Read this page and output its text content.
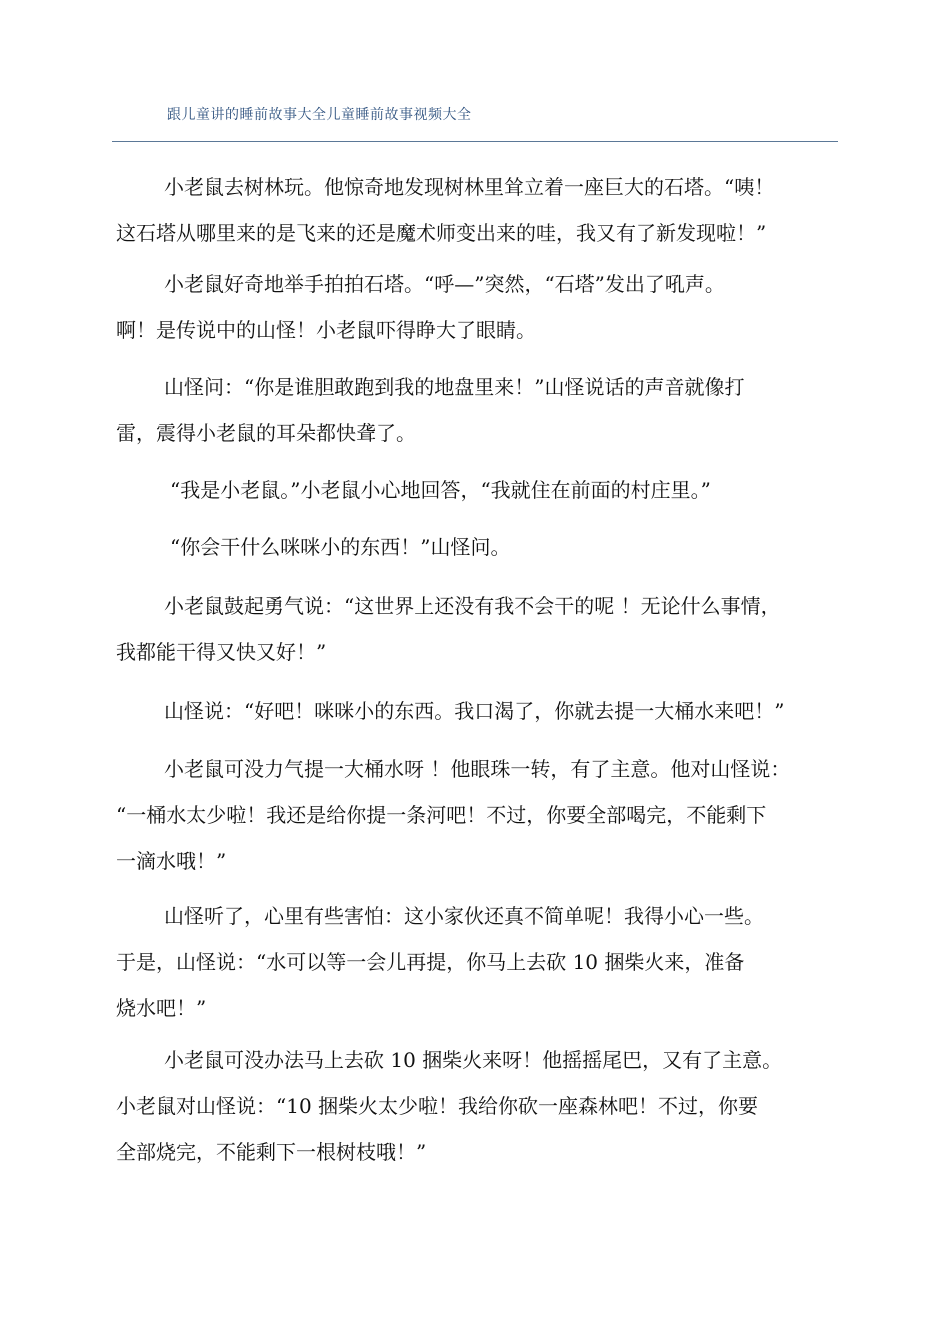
跟儿童讲的睡前故事大全儿童睡前故事视频大全
小老鼠去树林玩。他惊奇地发现树林里耸立着一座巨大的石塔。“咦！
这石塔从哪里来的是飞来的还是魔术师变出来的哇，我又有了新发现啦！”
小老鼠好奇地举手拍拍石塔。“呼—”突然，“石塔”发出了吼声。
啊！是传说中的山怪！小老鼠吓得睁大了眼睛。
山怪问：“你是谁胆敢跑到我的地盘里来！”山怪说话的声音就像打
雷，震得小老鼠的耳朵都快聋了。
“我是小老鼠。”小老鼠小心地回答，“我就住在前面的村庄里。”
“你会干什么咪咪小的东西！”山怪问。
小老鼠鼓起勇气说：“这世界上还没有我不会干的呢 ！无论什么事情，
我都能干得又快又好！”
山怪说：“好吧！咪咪小的东西。我口渴了，你就去提一大桶水来吧！”
小老鼠可没力气提一大桶水呀 ！他眼珠一转，有了主意。他对山怪说：
“一桶水太少啦！我还是给你提一条河吧！不过，你要全部喝完，不能剩下
一滴水哦！”
山怪听了，心里有些害怕：这小家伙还真不简单呢！我得小心一些。
于是，山怪说：“水可以等一会儿再提，你马上去砍 10 捆柴火来，准备
烧水吧！”
小老鼠可没办法马上去砍 10 捆柴火来呀！他摇摇尾巴，又有了主意。
小老鼠对山怪说：“10 捆柴火太少啦！我给你砍一座森林吧！不过，你要
全部烧完，不能剩下一根树枝哦！”
